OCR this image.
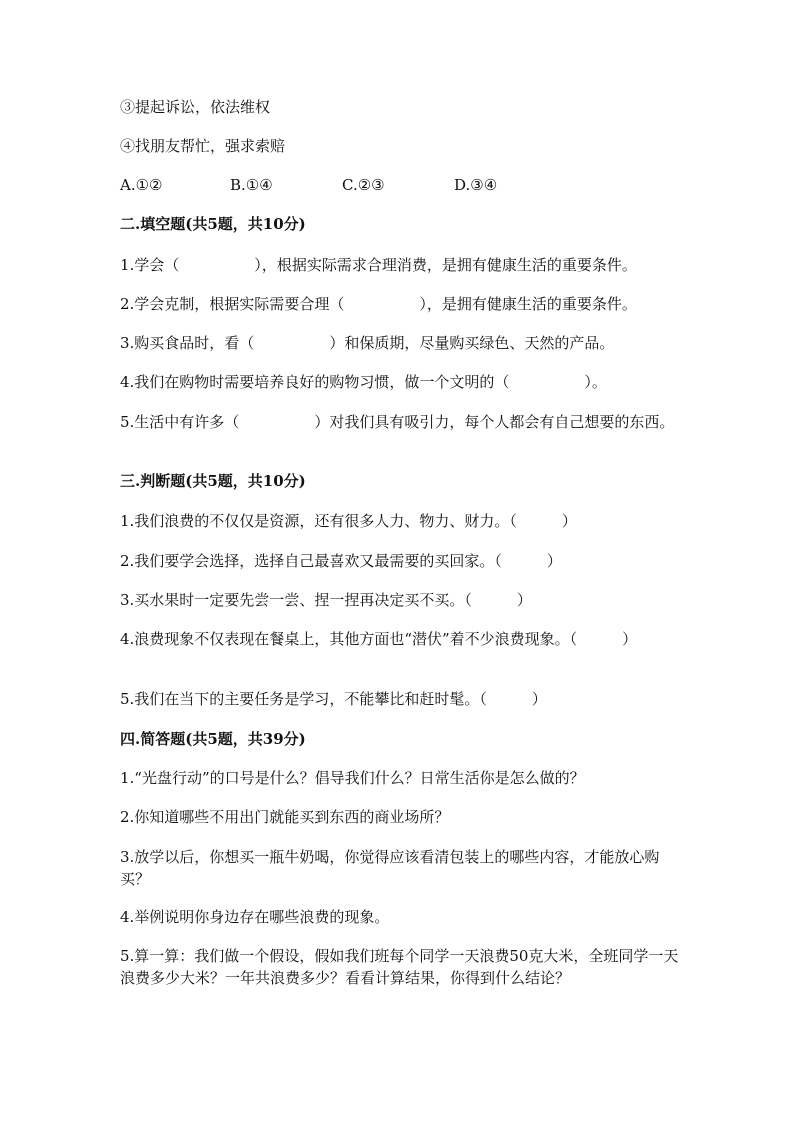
③提起诉讼，依法维权
④找朋友帮忙，强求索赔
A.①②	B.①④	C.②③	D.③④
二.填空题(共5题，共10分)
1.学会（　　　　　），根据实际需求合理消费，是拥有健康生活的重要条件。
2.学会克制，根据实际需要合理（　　　　　），是拥有健康生活的重要条件。
3.购买食品时，看（　　　　　）和保质期，尽量购买绿色、天然的产品。
4.我们在购物时需要培养良好的购物习惯，做一个文明的（　　　　　）。
5.生活中有许多（　　　　　）对我们具有吸引力，每个人都会有自己想要的东西。
三.判断题(共5题，共10分)
1.我们浪费的不仅仅是资源，还有很多人力、物力、财力。（　　　）
2.我们要学会选择，选择自己最喜欢又最需要的买回家。（　　　）
3.买水果时一定要先尝一尝、捏一捏再决定买不买。（　　　）
4.浪费现象不仅表现在餐桌上，其他方面也“潜伏”着不少浪费现象。（　　　）
5.我们在当下的主要任务是学习，不能攀比和赶时髦。（　　　）
四.简答题(共5题，共39分)
1.“光盘行动”的口号是什么？倡导我们什么？日常生活你是怎么做的？
2.你知道哪些不用出门就能买到东西的商业场所？
3.放学以后，你想买一瓶牛奶喝，你觉得应该看清包装上的哪些内容，才能放心购买？
4.举例说明你身边存在哪些浪费的现象。
5.算一算：我们做一个假设，假如我们班每个同学一天浪费50克大米，全班同学一天浪费多少大米？一年共浪费多少？看看计算结果，你得到什么结论？
